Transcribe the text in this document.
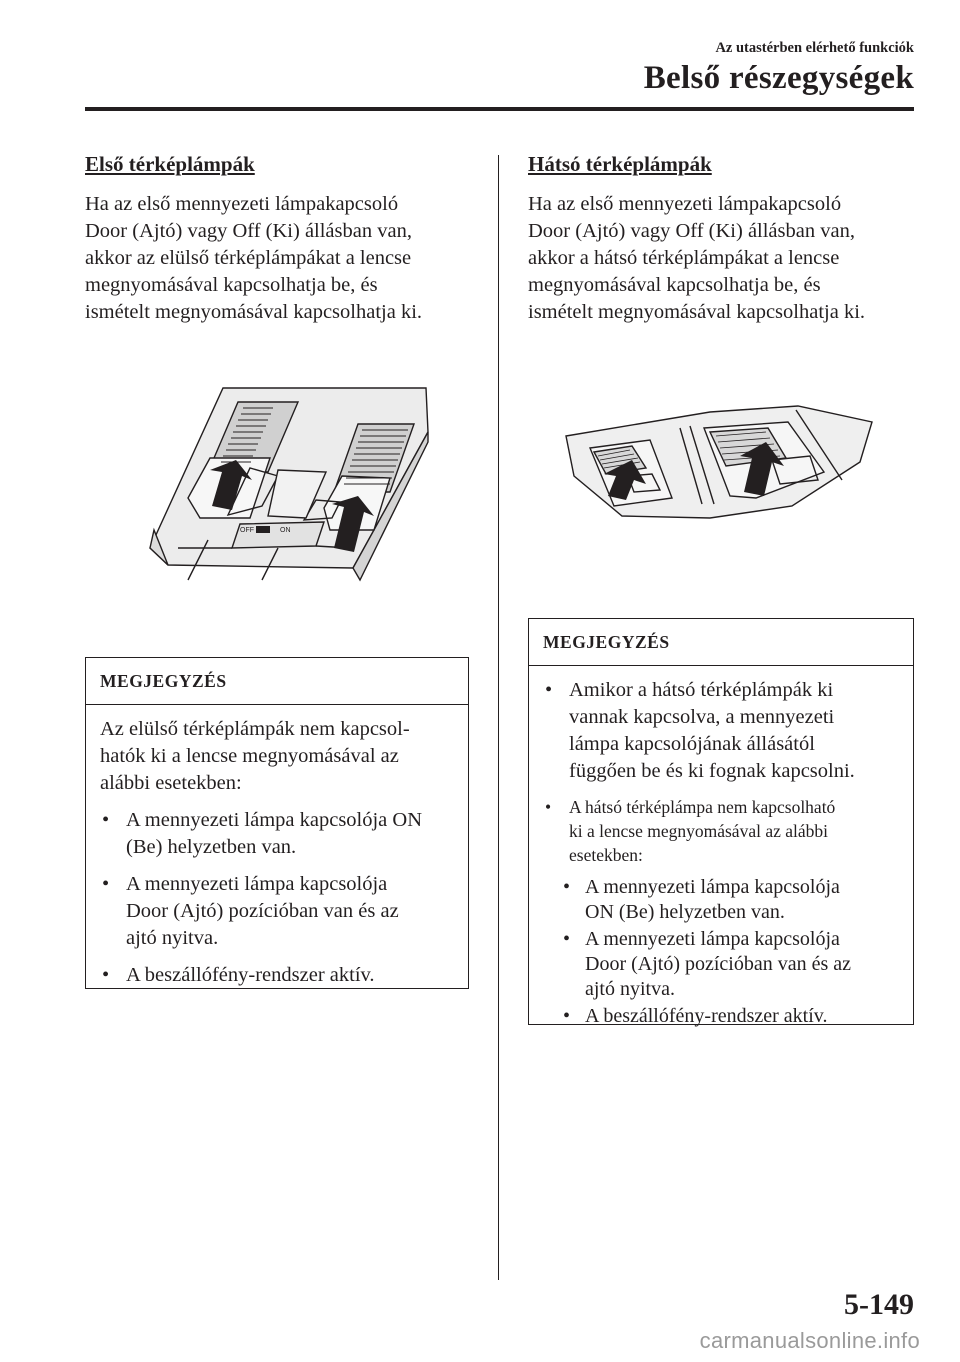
Az utastérben elérhető funkciók
Belső részegységek
Első térképlámpák

Ha az első mennyezeti lámpakapcsoló
Door (Ajtó) vagy Off (Ki) állásban van,
akkor az elülső térképlámpákat a lencse
megnyomásával kapcsolhatja be, és
ismételt megnyomásával kapcsolhatja ki.

OFF	ON
MEGJEGYZÉS

Az elülső térképlámpák nem kapcsol-
hatók ki a lencse megnyomásával az
alábbi esetekben:

• A mennyezeti lámpa kapcsolója ON
(Be) helyzetben van.

• A mennyezeti lámpa kapcsolója
Door (Ajtó) pozícióban van és az
ajtó nyitva.

• A beszállófény-rendszer aktív.

Hátsó térképlámpák

Ha az első mennyezeti lámpakapcsoló
Door (Ajtó) vagy Off (Ki) állásban van,
akkor a hátsó térképlámpákat a lencse
megnyomásával kapcsolhatja be, és
ismételt megnyomásával kapcsolhatja ki.

MEGJEGYZÉS

• Amikor a hátsó térképlámpák ki
vannak kapcsolva, a mennyezeti
lámpa kapcsolójának állásától
függően be és ki fognak kapcsolni.

• A hátsó térképlámpa nem kapcsolható
ki a lencse megnyomásával az alábbi
esetekben:

• A mennyezeti lámpa kapcsolója
ON (Be) helyzetben van.

• A mennyezeti lámpa kapcsolója
Door (Ajtó) pozícióban van és az
ajtó nyitva.

• A beszállófény-rendszer aktív.

5-149
carmanualsonline.info
